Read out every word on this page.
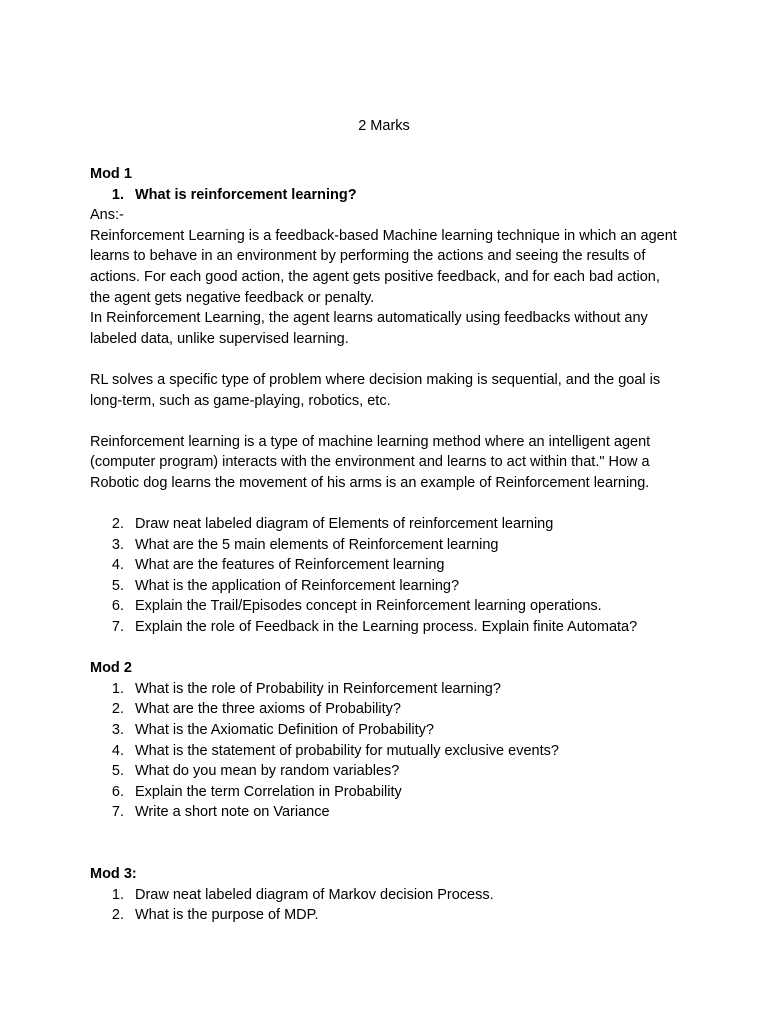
2 Marks

Mod 1

1. What is reinforcement learning?

Ans:-

Reinforcement Learning is a feedback-based Machine learning technique in which an agent learns to behave in an environment by performing the actions and seeing the results of actions. For each good action, the agent gets positive feedback, and for each bad action, the agent gets negative feedback or penalty.

In Reinforcement Learning, the agent learns automatically using feedbacks without any labeled data, unlike supervised learning.

RL solves a specific type of problem where decision making is sequential, and the goal is long-term, such as game-playing, robotics, etc.

Reinforcement learning is a type of machine learning method where an intelligent agent (computer program) interacts with the environment and learns to act within that." How a Robotic dog learns the movement of his arms is an example of Reinforcement learning.

2. Draw neat labeled diagram of Elements of reinforcement learning
3. What are the 5 main elements of Reinforcement learning
4. What are the features of Reinforcement learning
5. What is the application of Reinforcement learning?
6. Explain the Trail/Episodes concept in Reinforcement learning operations.
7. Explain the role of Feedback in the Learning process. Explain finite Automata?

Mod 2

1. What is the role of Probability in Reinforcement learning?
2. What are the three axioms of Probability?
3. What is the Axiomatic Definition of Probability?
4. What is the statement of probability for mutually exclusive events?
5. What do you mean by random variables?
6. Explain the term Correlation in Probability
7. Write a short note on Variance

Mod 3:

1. Draw neat labeled diagram of Markov decision Process.
2. What is the purpose of MDP.
